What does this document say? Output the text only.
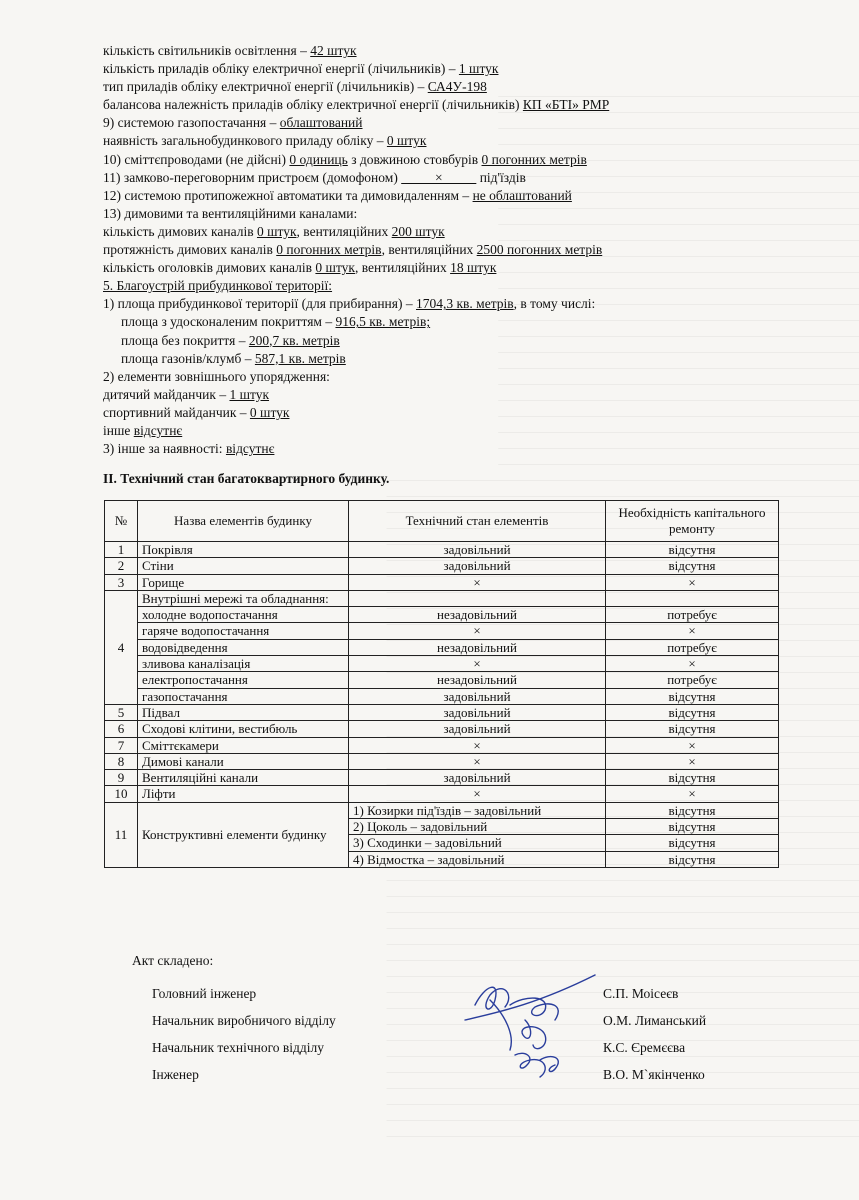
кількість світильників освітлення – 42 штук
кількість приладів обліку електричної енергії (лічильників) – 1 штук
тип приладів обліку електричної енергії (лічильників) – СА4У-198
балансова належність приладів обліку електричної енергії (лічильників) КП «БТІ» РМР
9) системою газопостачання – облаштований
наявність загальнобудинкового приладу обліку – 0 штук
10) сміттєпроводами (не дійсні) 0 одиниць з довжиною стовбурів 0 погонних метрів
11) замково-переговорним пристроєм (домофоном)           ×           під'їздів
12) системою протипожежної автоматики та димовидаленням – не облаштований
13) димовими та вентиляційними каналами:
кількість димових каналів 0 штук, вентиляційних 200 штук
протяжність димових каналів 0 погонних метрів, вентиляційних 2500 погонних метрів
кількість оголовків димових каналів 0 штук, вентиляційних 18 штук
5. Благоустрій прибудинкової території:
1) площа прибудинкової території (для прибирання) – 1704,3 кв. метрів, в тому числі:
площа з удосконаленим покриттям – 916,5 кв. метрів;
площа без покриття – 200,7 кв. метрів
площа газонів/клумб – 587,1 кв. метрів
2) елементи зовнішнього упорядження:
дитячий майданчик – 1 штук
спортивний майданчик – 0 штук
інше відсутнє
3) інше за наявності: відсутнє
ІІ. Технічний стан багатоквартирного будинку.
№	Назва елементів будинку	Технічний стан елементів	Необхідність капітального ремонту
1	Покрівля	задовільний	відсутня
2	Стіни	задовільний	відсутня
3	Горище	×	×
4	Внутрішні мережі та обладнання:		
	холодне водопостачання	незадовільний	потребує
	гаряче водопостачання	×	×
	водовідведення	незадовільний	потребує
	зливова каналізація	×	×
	електропостачання	незадовільний	потребує
	газопостачання	задовільний	відсутня
5	Підвал	задовільний	відсутня
6	Сходові клітини, вестибюль	задовільний	відсутня
7	Сміттєкамери	×	×
8	Димові канали	×	×
9	Вентиляційні канали	задовільний	відсутня
10	Ліфти	×	×
11	Конструктивні елементи будинку	1) Козирки під'їздів – задовільний	відсутня
		2) Цоколь – задовільний	відсутня
		3) Сходинки – задовільний	відсутня
		4) Відмостка – задовільний	відсутня
Акт складено:
Головний інженер	С.П. Моісеєв
Начальник виробничого відділу	О.М. Лиманський
Начальник технічного відділу	К.С. Єремєєва
Інженер	В.О. М`якінченко
